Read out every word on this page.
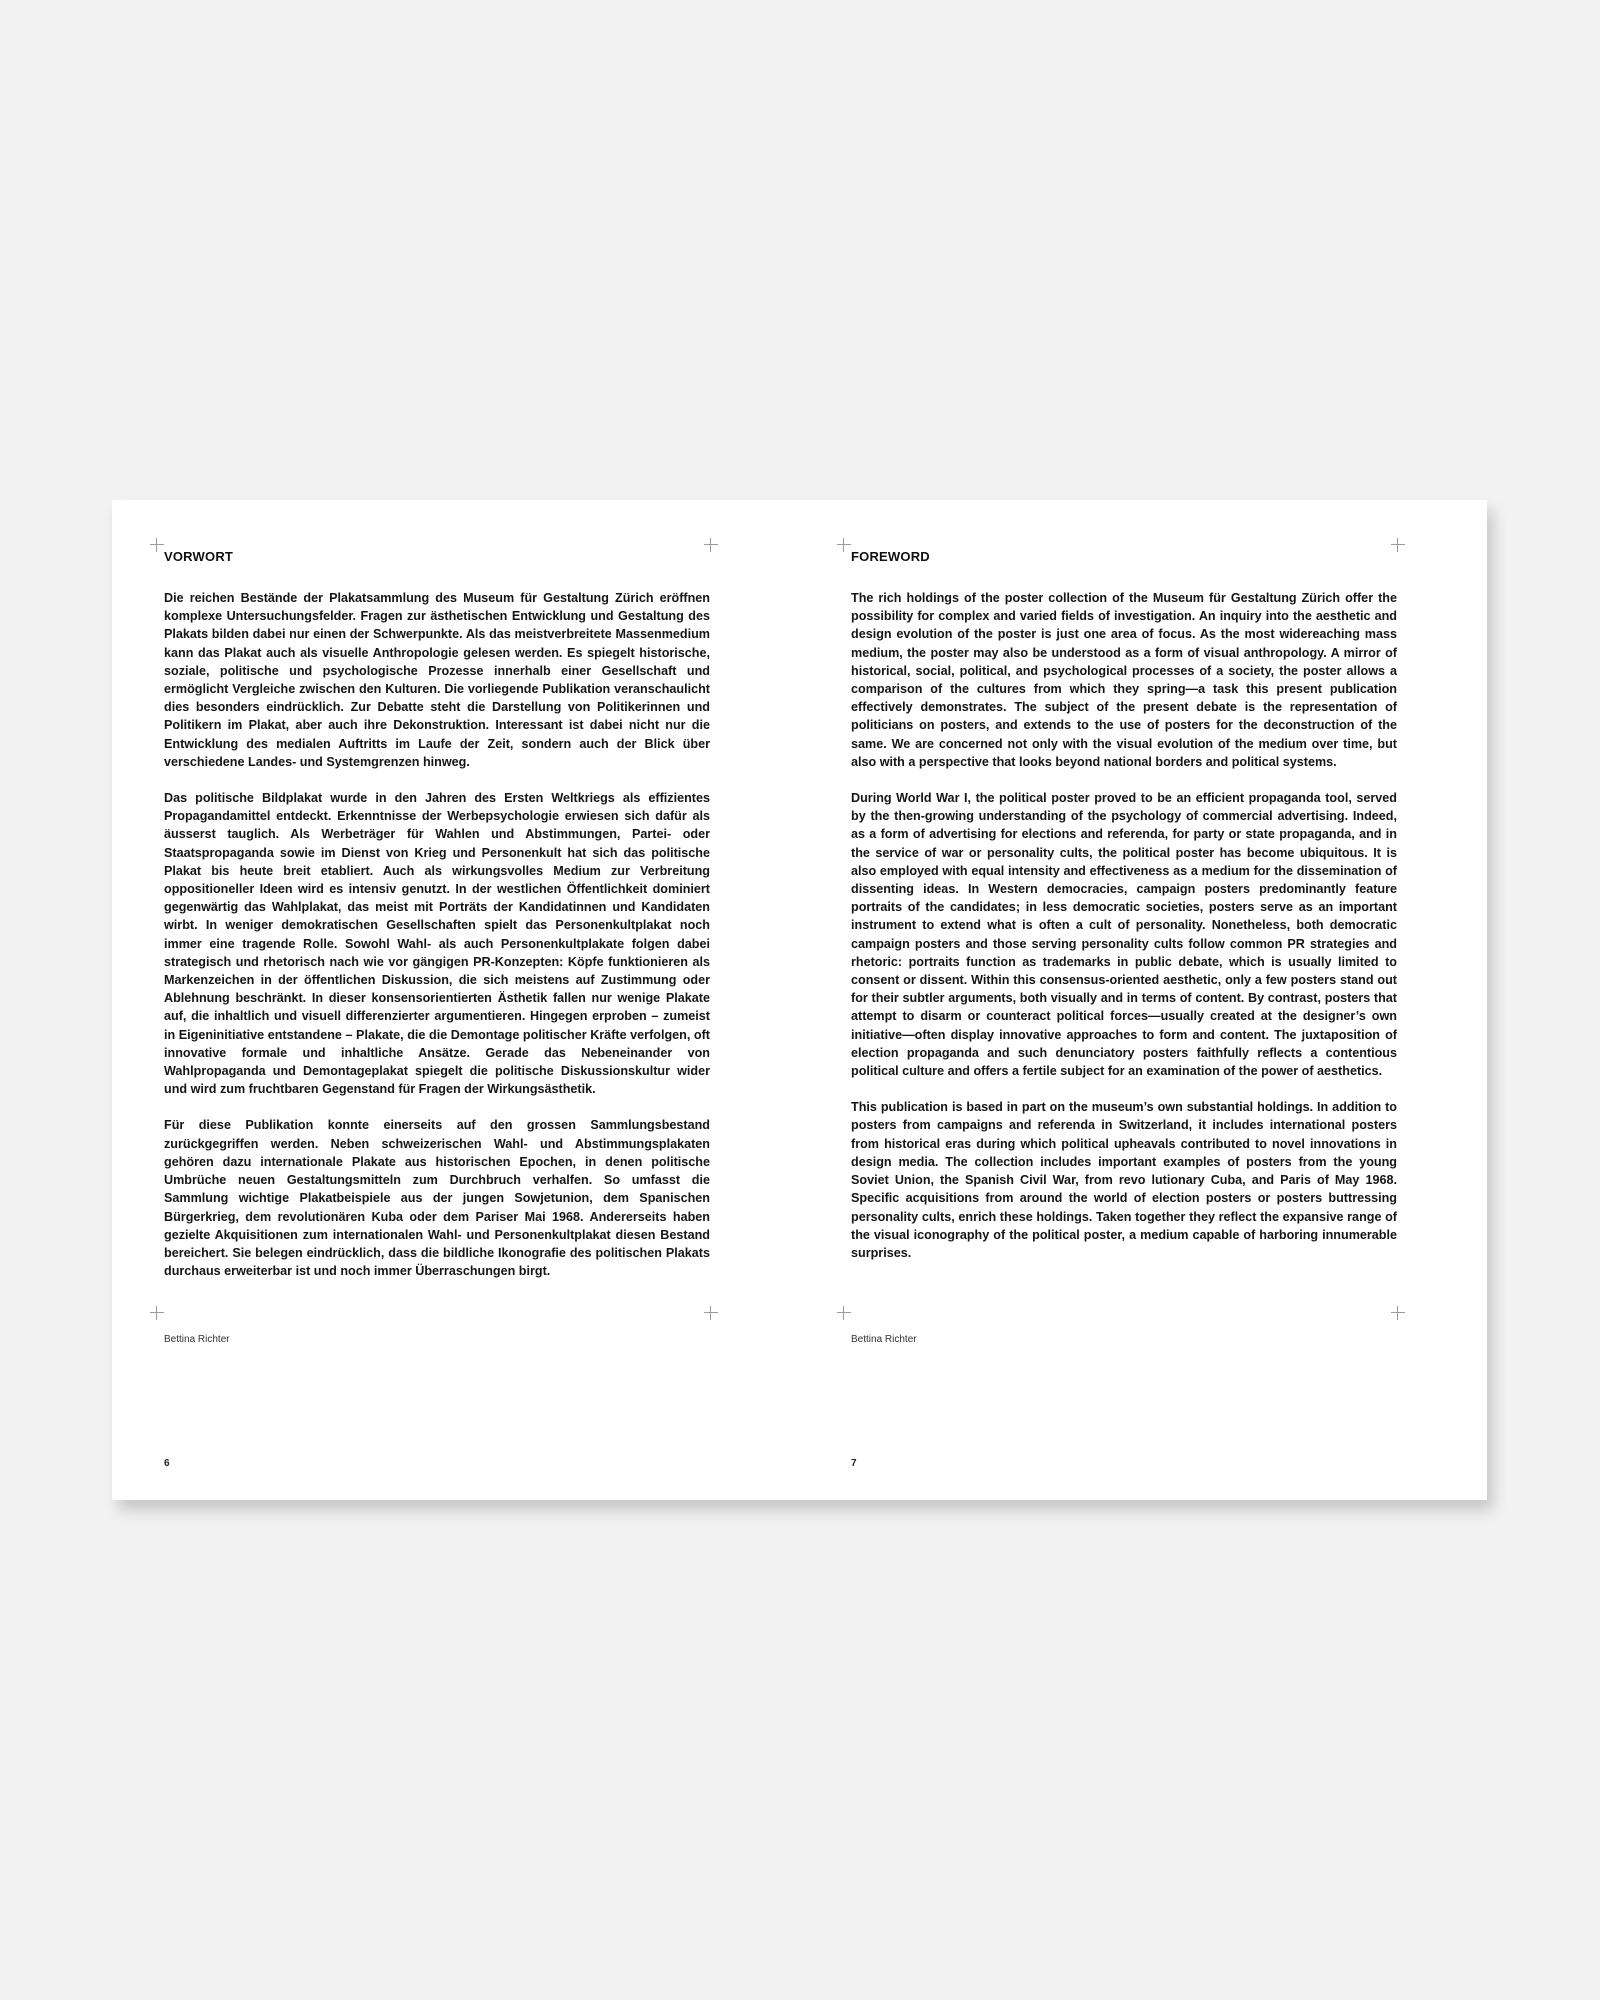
VORWORT

Die reichen Bestände der Plakatsammlung des Museum für Gestaltung Zürich eröffnen komplexe Untersuchungsfelder. Fragen zur ästhetischen Entwicklung und Gestaltung des Plakats bilden dabei nur einen der Schwerpunkte. Als das meistverbreitete Massenmedium kann das Plakat auch als visuelle Anthropologie gelesen werden. Es spiegelt historische, soziale, politische und psychologische Prozesse innerhalb einer Gesellschaft und ermöglicht Vergleiche zwischen den Kulturen. Die vorliegende Publikation veranschaulicht dies besonders eindrücklich. Zur Debatte steht die Darstellung von Politikerinnen und Politikern im Plakat, aber auch ihre Dekonstruktion. Interessant ist dabei nicht nur die Entwicklung des medialen Auftritts im Laufe der Zeit, sondern auch der Blick über verschiedene Landes- und Systemgrenzen hinweg.

Das politische Bildplakat wurde in den Jahren des Ersten Weltkriegs als effizientes Propagandamittel entdeckt. Erkenntnisse der Werbepsychologie erwiesen sich dafür als äusserst tauglich. Als Werbeträger für Wahlen und Abstimmungen, Partei- oder Staatspropaganda sowie im Dienst von Krieg und Personenkult hat sich das politische Plakat bis heute breit etabliert. Auch als wirkungsvolles Medium zur Verbreitung oppositioneller Ideen wird es intensiv genutzt. In der westlichen Öffentlichkeit dominiert gegenwärtig das Wahlplakat, das meist mit Porträts der Kandidatinnen und Kandidaten wirbt. In weniger demokratischen Gesellschaften spielt das Personenkultplakat noch immer eine tragende Rolle. Sowohl Wahl- als auch Personenkultplakate folgen dabei strategisch und rhetorisch nach wie vor gängigen PR-Konzepten: Köpfe funktionieren als Markenzeichen in der öffentlichen Diskussion, die sich meistens auf Zustimmung oder Ablehnung beschränkt. In dieser konsensorientierten Ästhetik fallen nur wenige Plakate auf, die inhaltlich und visuell differenzierter argumentieren. Hingegen erproben – zumeist in Eigeninitiative entstandene – Plakate, die die Demontage politischer Kräfte verfolgen, oft innovative formale und inhaltliche Ansätze. Gerade das Nebeneinander von Wahlpropaganda und Demontageplakat spiegelt die politische Diskussionskultur wider und wird zum fruchtbaren Gegenstand für Fragen der Wirkungsästhetik.

Für diese Publikation konnte einerseits auf den grossen Sammlungsbestand zurückgegriffen werden. Neben schweizerischen Wahl- und Abstimmungsplakaten gehören dazu internationale Plakate aus historischen Epochen, in denen politische Umbrüche neuen Gestaltungsmitteln zum Durchbruch verhalfen. So umfasst die Sammlung wichtige Plakatbeispiele aus der jungen Sowjetunion, dem Spanischen Bürgerkrieg, dem revolutionären Kuba oder dem Pariser Mai 1968. Andererseits haben gezielte Akquisitionen zum internationalen Wahl- und Personenkultplakat diesen Bestand bereichert. Sie belegen eindrücklich, dass die bildliche Ikonografie des politischen Plakats durchaus erweiterbar ist und noch immer Überraschungen birgt.

Bettina Richter
6
FOREWORD

The rich holdings of the poster collection of the Museum für Gestaltung Zürich offer the possibility for complex and varied fields of investigation. An inquiry into the aesthetic and design evolution of the poster is just one area of focus. As the most widereaching mass medium, the poster may also be understood as a form of visual anthropology. A mirror of historical, social, political, and psychological processes of a society, the poster allows a comparison of the cultures from which they spring—a task this present publication effectively demonstrates. The subject of the present debate is the representation of politicians on posters, and extends to the use of posters for the deconstruction of the same. We are concerned not only with the visual evolution of the medium over time, but also with a perspective that looks beyond national borders and political systems.

During World War I, the political poster proved to be an efficient propaganda tool, served by the then-growing understanding of the psychology of commercial advertising. Indeed, as a form of advertising for elections and referenda, for party or state propaganda, and in the service of war or personality cults, the political poster has become ubiquitous. It is also employed with equal intensity and effectiveness as a medium for the dissemination of dissenting ideas. In Western democracies, campaign posters predominantly feature portraits of the candidates; in less democratic societies, posters serve as an important instrument to extend what is often a cult of personality. Nonetheless, both democratic campaign posters and those serving personality cults follow common PR strategies and rhetoric: portraits function as trademarks in public debate, which is usually limited to consent or dissent. Within this consensus-oriented aesthetic, only a few posters stand out for their subtler arguments, both visually and in terms of content. By contrast, posters that attempt to disarm or counteract political forces—usually created at the designer’s own initiative—often display innovative approaches to form and content. The juxtaposition of election propaganda and such denunciatory posters faithfully reflects a contentious political culture and offers a fertile subject for an examination of the power of aesthetics.

This publication is based in part on the museum’s own substantial holdings. In addition to posters from campaigns and referenda in Switzerland, it includes international posters from historical eras during which political upheavals contributed to novel innovations in design media. The collection includes important examples of posters from the young Soviet Union, the Spanish Civil War, from revo lutionary Cuba, and Paris of May 1968. Specific acquisitions from around the world of election posters or posters buttressing personality cults, enrich these holdings. Taken together they reflect the expansive range of the visual iconography of the political poster, a medium capable of harboring innumerable surprises.

Bettina Richter
7
